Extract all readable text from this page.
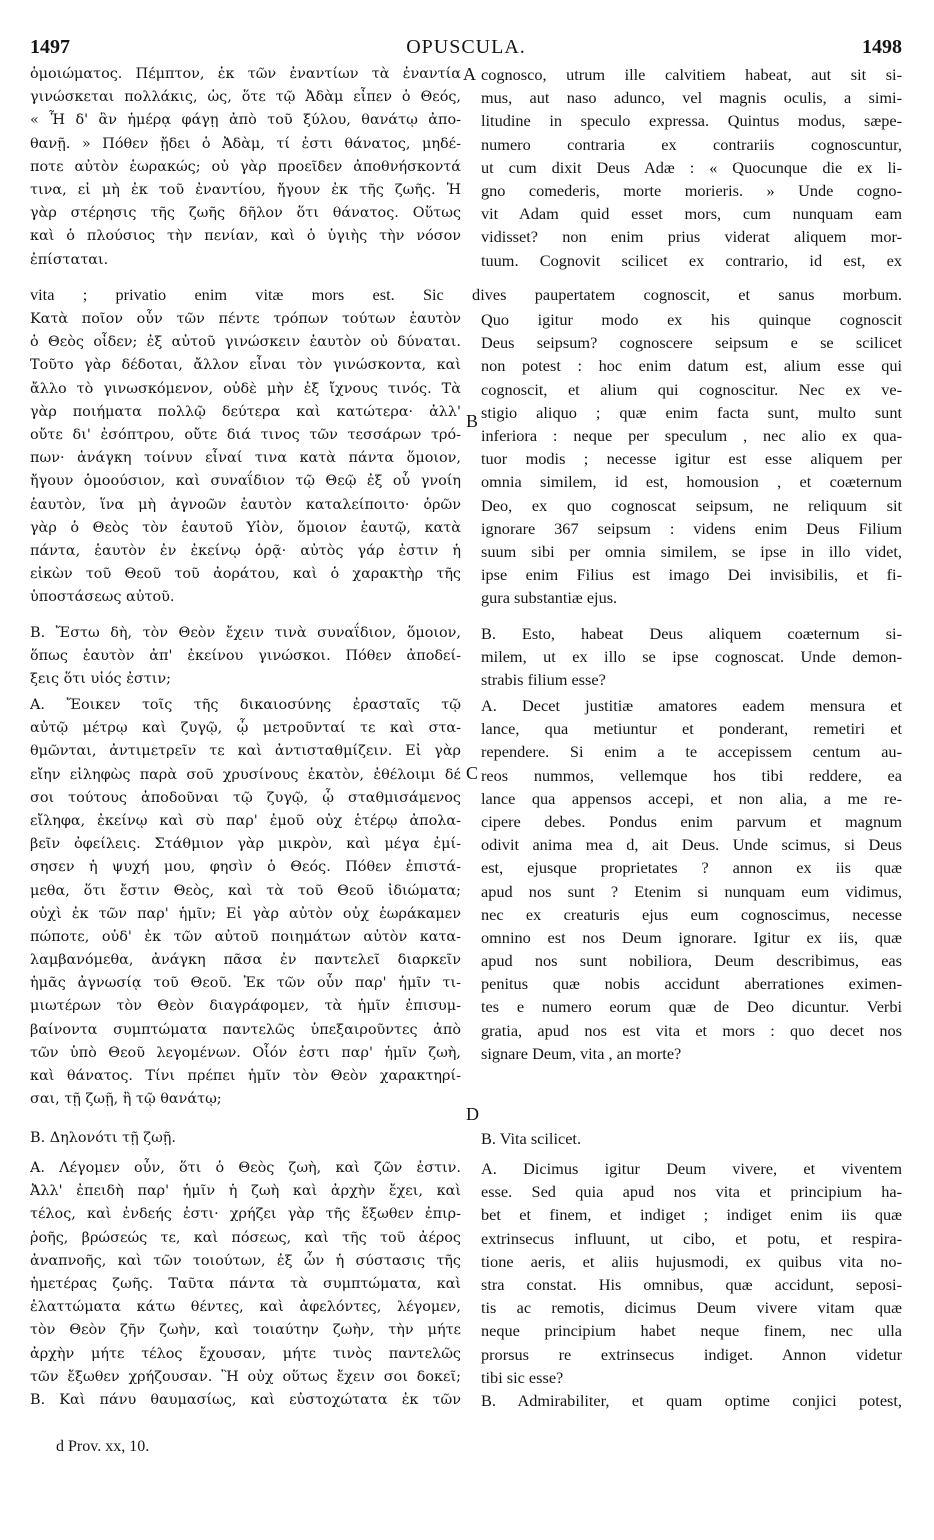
1497	OPUSCULA.	1498
ὁμοιώματος. Πέμπτον, ἐκ τῶν ἐναντίων τὰ ἐναντία
γινώσκεται πολλάκις, ὡς, ὅτε τῷ Ἀδὰμ εἶπεν ὁ Θεός,
« Ἧ δ' ἂν ἡμέρᾳ φάγῃ ἀπὸ τοῦ ξύλου, θανάτῳ ἀπο-
θανῇ. » Πόθεν ᾔδει ὁ Ἀδὰμ, τί ἐστι θάνατος, μηδέ-
ποτε αὐτὸν ἑωρακώς; οὐ γὰρ προεῖδεν ἀποθνήσκοντά
τινα, εἰ μὴ ἐκ τοῦ ἐναντίου, ἤγουν ἐκ τῆς ζωῆς. Ἡ
γὰρ στέρησις τῆς ζωῆς δῆλον ὅτι θάνατος. Οὕτως
καὶ ὁ πλούσιος τὴν πενίαν, καὶ ὁ ὑγιὴς τὴν νόσον
ἐπίσταται.
A cognosco, utrum ille calvitiem habeat, aut sit si-
mus, aut naso adunco, vel magnis oculis, a simi-
litudine in speculo expressa. Quintus modus, sæpe-
numero contraria ex contrariis cognoscuntur,
ut cum dixit Deus Adæ : « Quocunque die ex li-
gno comederis, morte morieris. » Unde cogno-
vit Adam quid esset mors, cum nunquam eam
vidisset? non enim prius viderat aliquem mor-
tuum. Cognovit scilicet ex contrario, id est, ex
vita ; privatio enim vitæ mors est. Sic dives paupertatem cognoscit, et sanus morbum.
Κατὰ ποῖον οὖν τῶν πέντε τρόπων τούτων ἑαυτὸν
ὁ Θεὸς οἶδεν; ἐξ αὐτοῦ γινώσκειν ἑαυτὸν οὐ δύναται.
Τοῦτο γὰρ δέδοται, ἄλλον εἶναι τὸν γινώσκοντα, καὶ
ἄλλο τὸ γινωσκόμενον, οὐδὲ μὴν ἐξ ἴχνους τινός. Τὰ
γὰρ ποιήματα πολλῷ δεύτερα καὶ κατώτερα· ἀλλ'
οὔτε δι' ἐσόπτρου, οὔτε διά τινος τῶν τεσσάρων τρό-
πων· ἀνάγκη τοίνυν εἶναί τινα κατὰ πάντα ὅμοιον,
ἤγουν ὁμοούσιον, καὶ συναΐδιον τῷ Θεῷ ἐξ οὗ γνοίη
ἑαυτὸν, ἵνα μὴ ἀγνοῶν ἑαυτὸν καταλείποιτο· ὁρῶν
γὰρ ὁ Θεὸς τὸν ἑαυτοῦ Υἱὸν, ὅμοιον ἑαυτῷ, κατὰ
πάντα, ἑαυτὸν ἐν ἐκείνῳ ὁρᾷ· αὐτὸς γάρ ἐστιν ἡ
εἰκὼν τοῦ Θεοῦ τοῦ ἀοράτου, καὶ ὁ χαρακτὴρ τῆς
ὑποστάσεως αὐτοῦ.
B
Quo igitur modo ex his quinque cognoscit
Deus seipsum? cognoscere seipsum e se scilicet
non potest : hoc enim datum est, alium esse qui
cognoscit, et alium qui cognoscitur. Nec ex ve-
stigio aliquo ; quæ enim facta sunt, multo sunt
inferiora : neque per speculum , nec alio ex qua-
tuor modis ; necesse igitur est esse aliquem per
omnia similem, id est, homousion , et coæternum
Deo, ex quo cognoscat seipsum, ne reliquum sit
ignorare 367 seipsum : videns enim Deus Filium
suum sibi per omnia similem, se ipse in illo videt,
ipse enim Filius est imago Dei invisibilis, et fi-
gura substantiæ ejus.
Β. Ἔστω δὴ, τὸν Θεὸν ἔχειν τινὰ συναΐδιον, ὅμοιον,
ὅπως ἑαυτὸν ἀπ' ἐκείνου γινώσκοι. Πόθεν ἀποδεί-
ξεις ὅτι υἱός ἐστιν;
B. Esto, habeat Deus aliquem coæternum si-
milem, ut ex illo se ipse cognoscat. Unde demon-
strabis filium esse?
Α. Ἔοικεν τοῖς τῆς δικαιοσύνης ἐρασταῖς τῷ
αὐτῷ μέτρῳ καὶ ζυγῷ, ᾧ μετροῦνταί τε καὶ στα-
θμῶνται, ἀντιμετρεῖν τε καὶ ἀντισταθμίζειν. Εἰ γὰρ
εἴην εἰληφὼς παρὰ σοῦ χρυσίνους ἑκατὸν, ἐθέλοιμι δέ
σοι τούτους ἀποδοῦναι τῷ ζυγῷ, ᾧ σταθμισάμενος
εἴληφα, ἐκείνῳ καὶ σὺ παρ' ἐμοῦ οὐχ ἑτέρῳ ἀπολα-
βεῖν ὀφείλεις. Στάθμιον γὰρ μικρὸν, καὶ μέγα ἐμί-
σησεν ἡ ψυχή μου, φησὶν ὁ Θεός. Πόθεν ἐπιστά-
μεθα, ὅτι ἔστιν Θεὸς, καὶ τὰ τοῦ Θεοῦ ἰδιώματα;
οὐχὶ ἐκ τῶν παρ' ἡμῖν; Εἰ γὰρ αὐτὸν οὐχ ἑωράκαμεν
πώποτε, οὐδ' ἐκ τῶν αὐτοῦ ποιημάτων αὐτὸν κατα-
λαμβανόμεθα, ἀνάγκη πᾶσα ἐν παντελεῖ διαρκεῖν
ἡμᾶς ἀγνωσίᾳ τοῦ Θεοῦ. Ἐκ τῶν οὖν παρ' ἡμῖν τι-
μιωτέρων τὸν Θεὸν διαγράφομεν, τὰ ἡμῖν ἐπισυμ-
βαίνοντα συμπτώματα παντελῶς ὑπεξαιροῦντες ἀπὸ
τῶν ὑπὸ Θεοῦ λεγομένων. Οἷόν ἐστι παρ' ἡμῖν ζωὴ,
καὶ θάνατος. Τίνι πρέπει ἡμῖν τὸν Θεὸν χαρακτηρί-
σαι, τῇ ζωῇ, ἢ τῷ θανάτῳ;
C
A. Decet justitiæ amatores eadem mensura et
lance, qua metiuntur et ponderant, remetiri et
rependere. Si enim a te accepissem centum au-
reos nummos, vellemque hos tibi reddere, ea
lance qua appensos accepi, et non alia, a me re-
cipere debes. Pondus enim parvum et magnum
odivit anima mea d, ait Deus. Unde scimus, si Deus
est, ejusque proprietates ? annon ex iis quæ
apud nos sunt ? Etenim si nunquam eum vidimus,
nec ex creaturis ejus eum cognoscimus, necesse
omnino est nos Deum ignorare. Igitur ex iis, quæ
apud nos sunt nobiliora, Deum describimus, eas
penitus quæ nobis accidunt aberrationes eximen-
tes e numero eorum quæ de Deo dicuntur. Verbi
gratia, apud nos est vita et mors : quo decet nos
signare Deum, vita , an morte?
D
Β. Δηλονότι τῇ ζωῇ.	B. Vita scilicet.
Α. Λέγομεν οὖν, ὅτι ὁ Θεὸς ζωὴ, καὶ ζῶν ἐστιν.
Ἀλλ' ἐπειδὴ παρ' ἡμῖν ἡ ζωὴ καὶ ἀρχὴν ἔχει, καὶ
τέλος, καὶ ἐνδεής ἐστι· χρήζει γὰρ τῆς ἔξωθεν ἐπιρ-
ῥοῆς, βρώσεώς τε, καὶ πόσεως, καὶ τῆς τοῦ ἀέρος
ἀναπνοῆς, καὶ τῶν τοιούτων, ἐξ ὧν ἡ σύστασις τῆς
ἡμετέρας ζωῆς. Ταῦτα πάντα τὰ συμπτώματα, καὶ
ἐλαττώματα κάτω θέντες, καὶ ἀφελόντες, λέγομεν,
τὸν Θεὸν ζῆν ζωὴν, καὶ τοιαύτην ζωὴν, τὴν μήτε
ἀρχὴν μήτε τέλος ἔχουσαν, μήτε τινὸς παντελῶς
τῶν ἔξωθεν χρήζουσαν. Ἢ οὐχ οὕτως ἔχειν σοι δοκεῖ;
Β. Καὶ πάνυ θαυμασίως, καὶ εὐστοχώτατα ἐκ τῶν
A. Dicimus igitur Deum vivere, et viventem
esse. Sed quia apud nos vita et principium ha-
bet et finem, et indiget ; indiget enim iis quæ
extrinsecus influunt, ut cibo, et potu, et respira-
tione aeris, et aliis hujusmodi, ex quibus vita no-
stra constat. His omnibus, quæ accidunt, seposi-
tis ac remotis, dicimus Deum vivere vitam quæ
neque principium habet neque finem, nec ulla
prorsus re extrinsecus indiget. Annon videtur
tibi sic esse?
B. Admirabiliter, et quam optime conjici potest,
d Prov. xx, 10.
